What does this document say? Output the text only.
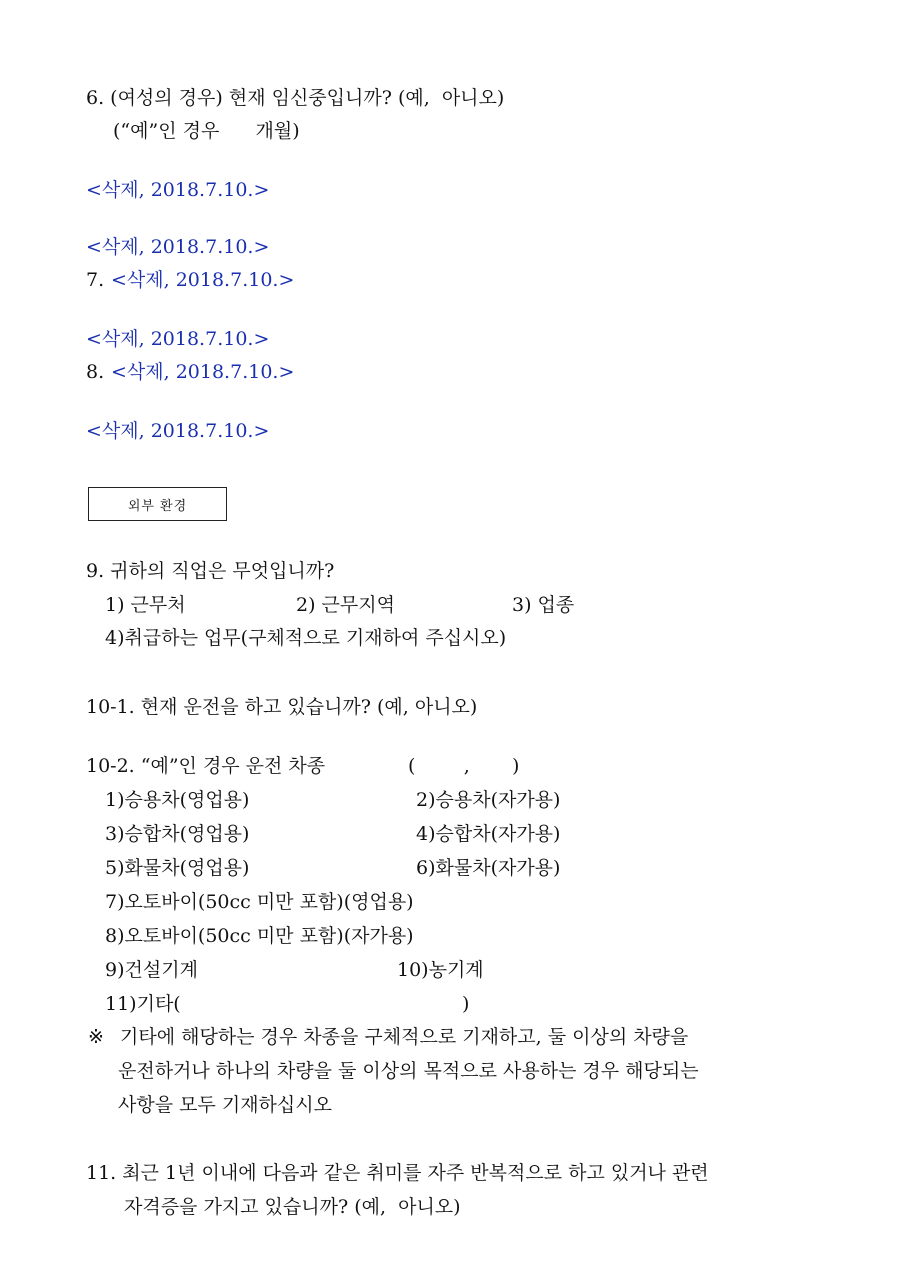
6. (여성의 경우) 현재 임신중입니까? (예,  아니오)
(“예”인 경우      개월)
<삭제, 2018.7.10.>
<삭제, 2018.7.10.>
7. <삭제, 2018.7.10.>
<삭제, 2018.7.10.>
8. <삭제, 2018.7.10.>
<삭제, 2018.7.10.>
외부 환경
9. 귀하의 직업은 무엇입니까?
1) 근무처	2) 근무지역	3) 업종
4)취급하는 업무(구체적으로 기재하여 주십시오)
10-1. 현재 운전을 하고 있습니까? (예, 아니오)
10-2. “예”인 경우 운전 차종	(        ,       )
1)승용차(영업용)	2)승용차(자가용)
3)승합차(영업용)	4)승합차(자가용)
5)화물차(영업용)	6)화물차(자가용)
7)오토바이(50cc 미만 포함)(영업용)
8)오토바이(50cc 미만 포함)(자가용)
9)건설기계	10)농기계
11)기타(	)
※ 기타에 해당하는 경우 차종을 구체적으로 기재하고, 둘 이상의 차량을
운전하거나 하나의 차량을 둘 이상의 목적으로 사용하는 경우 해당되는
사항을 모두 기재하십시오
11. 최근 1년 이내에 다음과 같은 취미를 자주 반복적으로 하고 있거나 관련
자격증을 가지고 있습니까? (예,  아니오)
